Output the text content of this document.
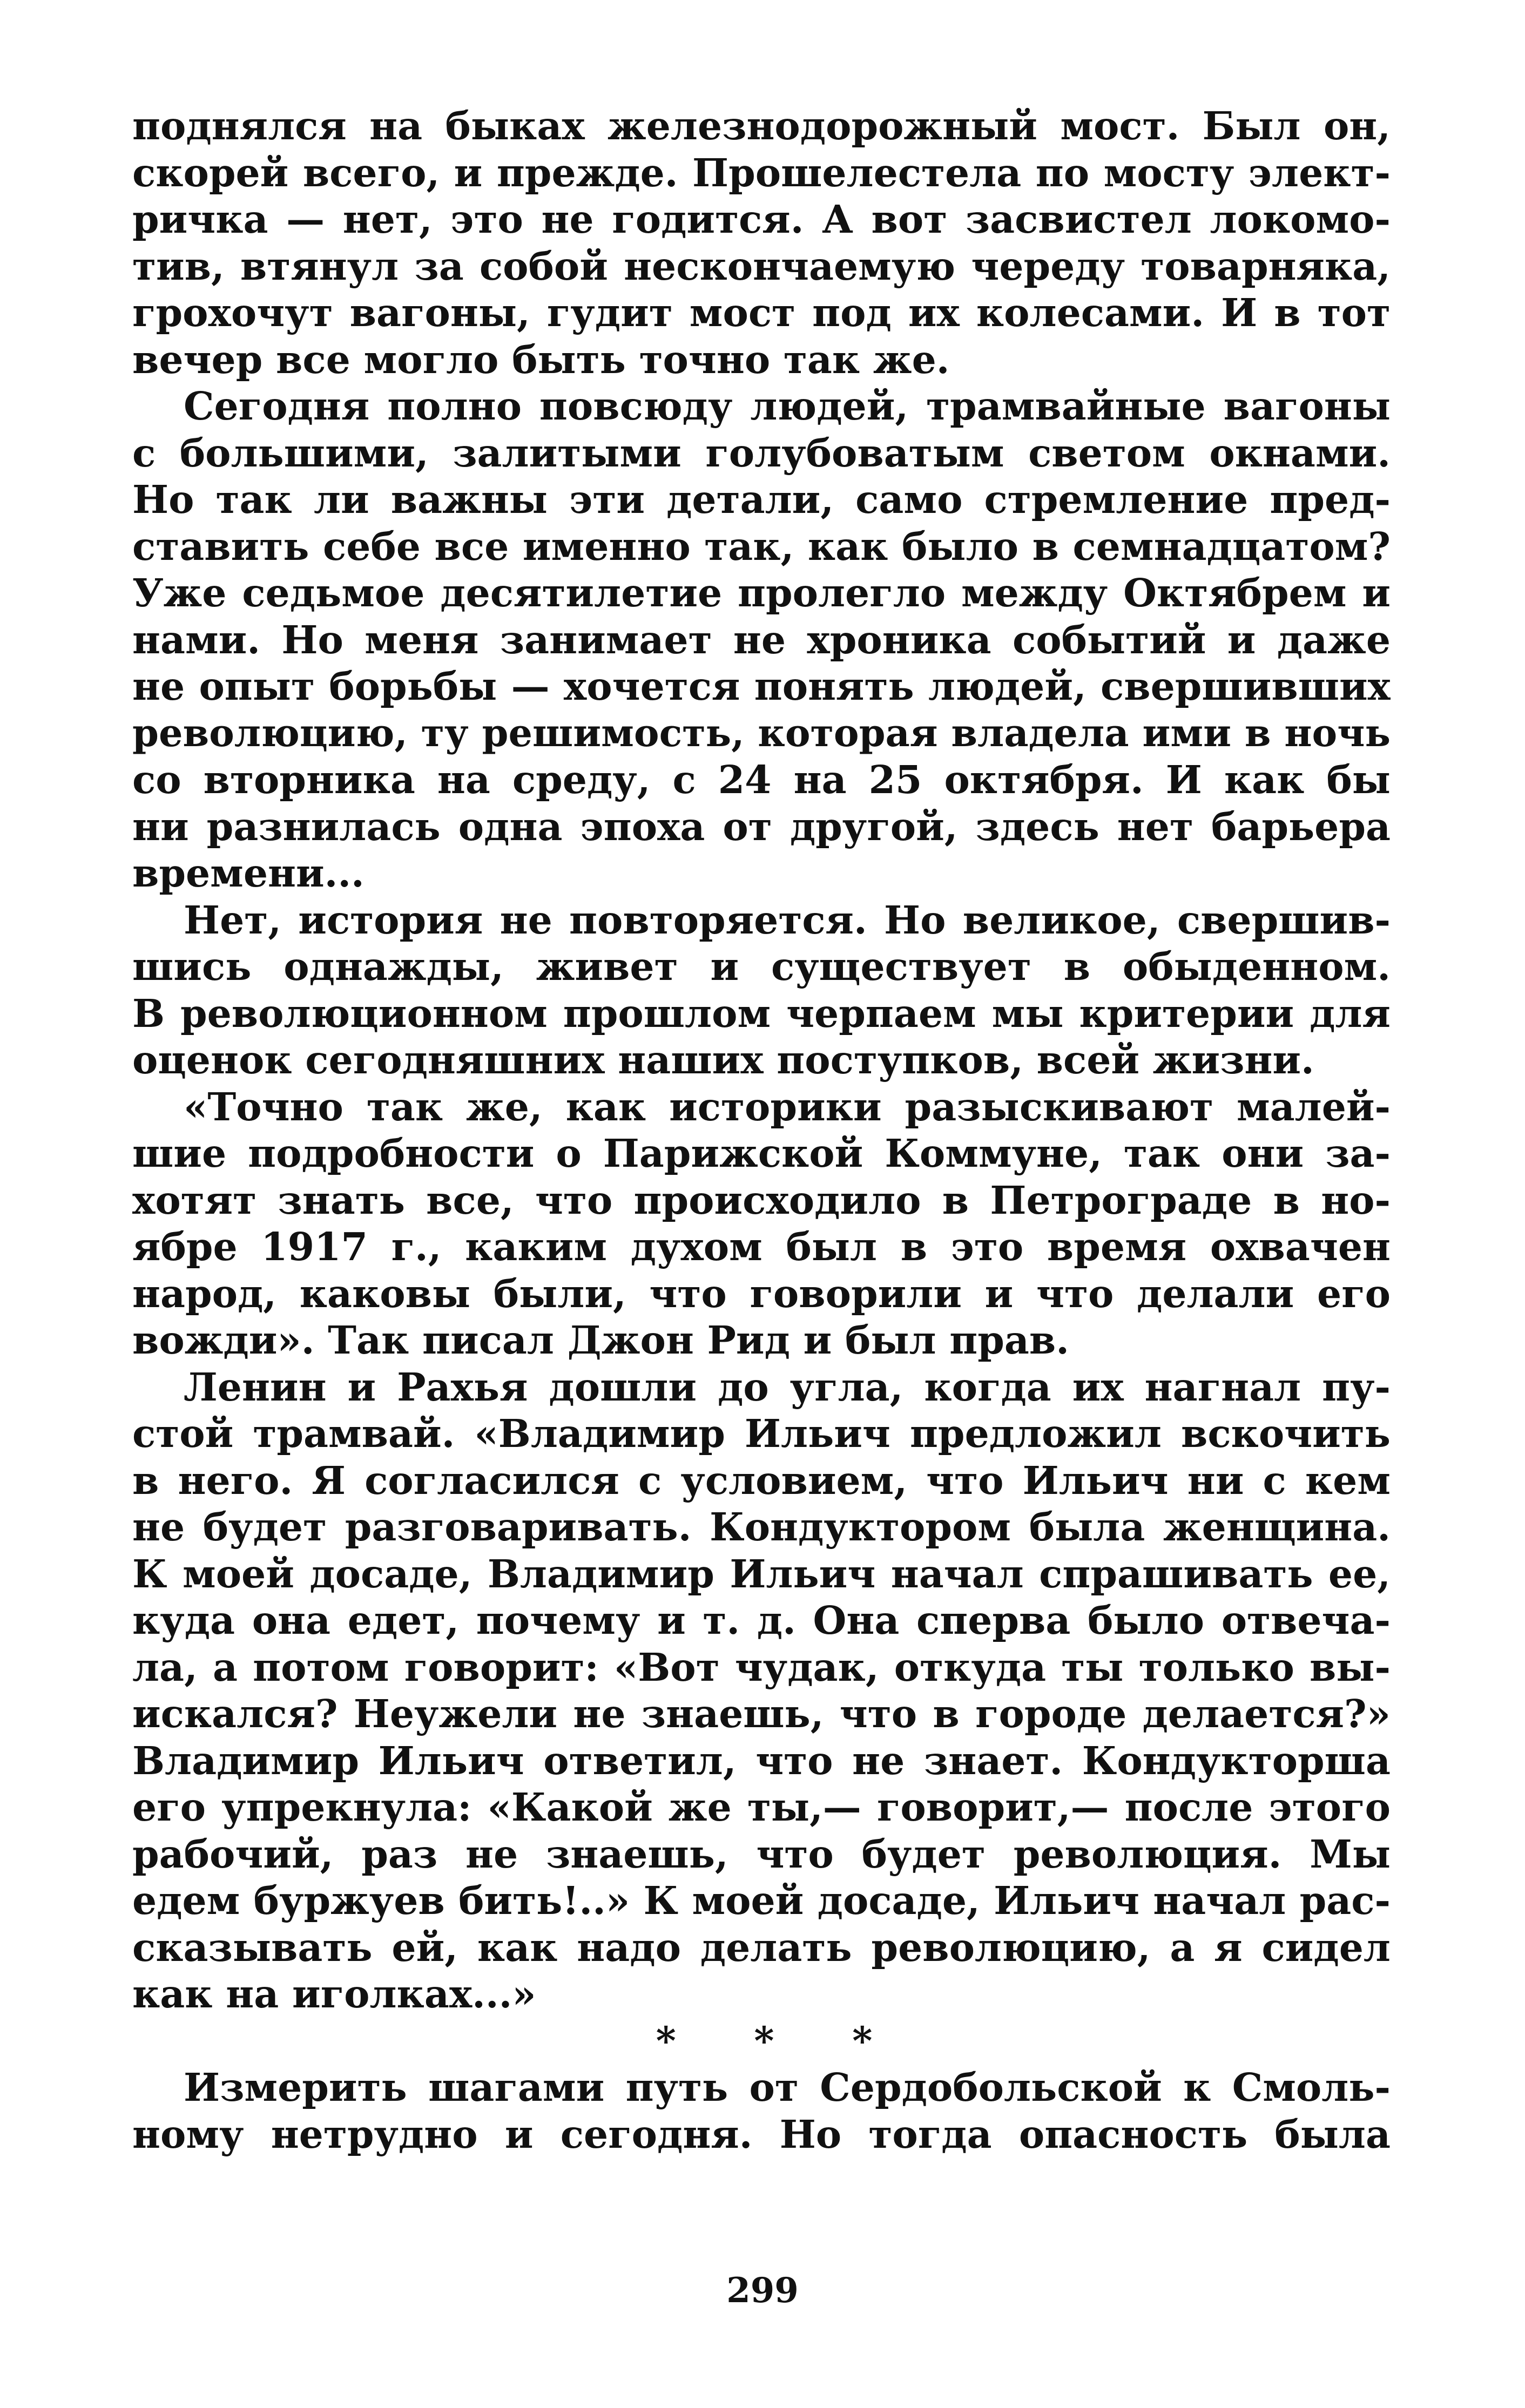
поднялся на быках железнодорожный мост. Был он,
скорей всего, и прежде. Прошелестела по мосту элект-
ричка — нет, это не годится. А вот засвистел локомо-
тив, втянул за собой нескончаемую череду товарняка,
грохочут вагоны, гудит мост под их колесами. И в тот
вечер все могло быть точно так же.
Сегодня полно повсюду людей, трамвайные вагоны
с большими, залитыми голубоватым светом окнами.
Но так ли важны эти детали, само стремление пред-
ставить себе все именно так, как было в семнадцатом?
Уже седьмое десятилетие пролегло между Октябрем и
нами. Но меня занимает не хроника событий и даже
не опыт борьбы — хочется понять людей, свершивших
революцию, ту решимость, которая владела ими в ночь
со вторника на среду, с 24 на 25 октября. И как бы
ни разнилась одна эпоха от другой, здесь нет барьера
времени...
Нет, история не повторяется. Но великое, свершив-
шись однажды, живет и существует в обыденном.
В революционном прошлом черпаем мы критерии для
оценок сегодняшних наших поступков, всей жизни.
«Точно так же, как историки разыскивают малей-
шие подробности о Парижской Коммуне, так они за-
хотят знать все, что происходило в Петрограде в но-
ябре 1917 г., каким духом был в это время охвачен
народ, каковы были, что говорили и что делали его
вожди». Так писал Джон Рид и был прав.
Ленин и Рахья дошли до угла, когда их нагнал пу-
стой трамвай. «Владимир Ильич предложил вскочить
в него. Я согласился с условием, что Ильич ни с кем
не будет разговаривать. Кондуктором была женщина.
К моей досаде, Владимир Ильич начал спрашивать ее,
куда она едет, почему и т. д. Она сперва было отвеча-
ла, а потом говорит: «Вот чудак, откуда ты только вы-
искался? Неужели не знаешь, что в городе делается?»
Владимир Ильич ответил, что не знает. Кондукторша
его упрекнула: «Какой же ты,— говорит,— после этого
рабочий, раз не знаешь, что будет революция. Мы
едем буржуев бить!..» К моей досаде, Ильич начал рас-
сказывать ей, как надо делать революцию, а я сидел
как на иголках...»
* * *
Измерить шагами путь от Сердобольской к Смоль-
ному нетрудно и сегодня. Но тогда опасность была
299
